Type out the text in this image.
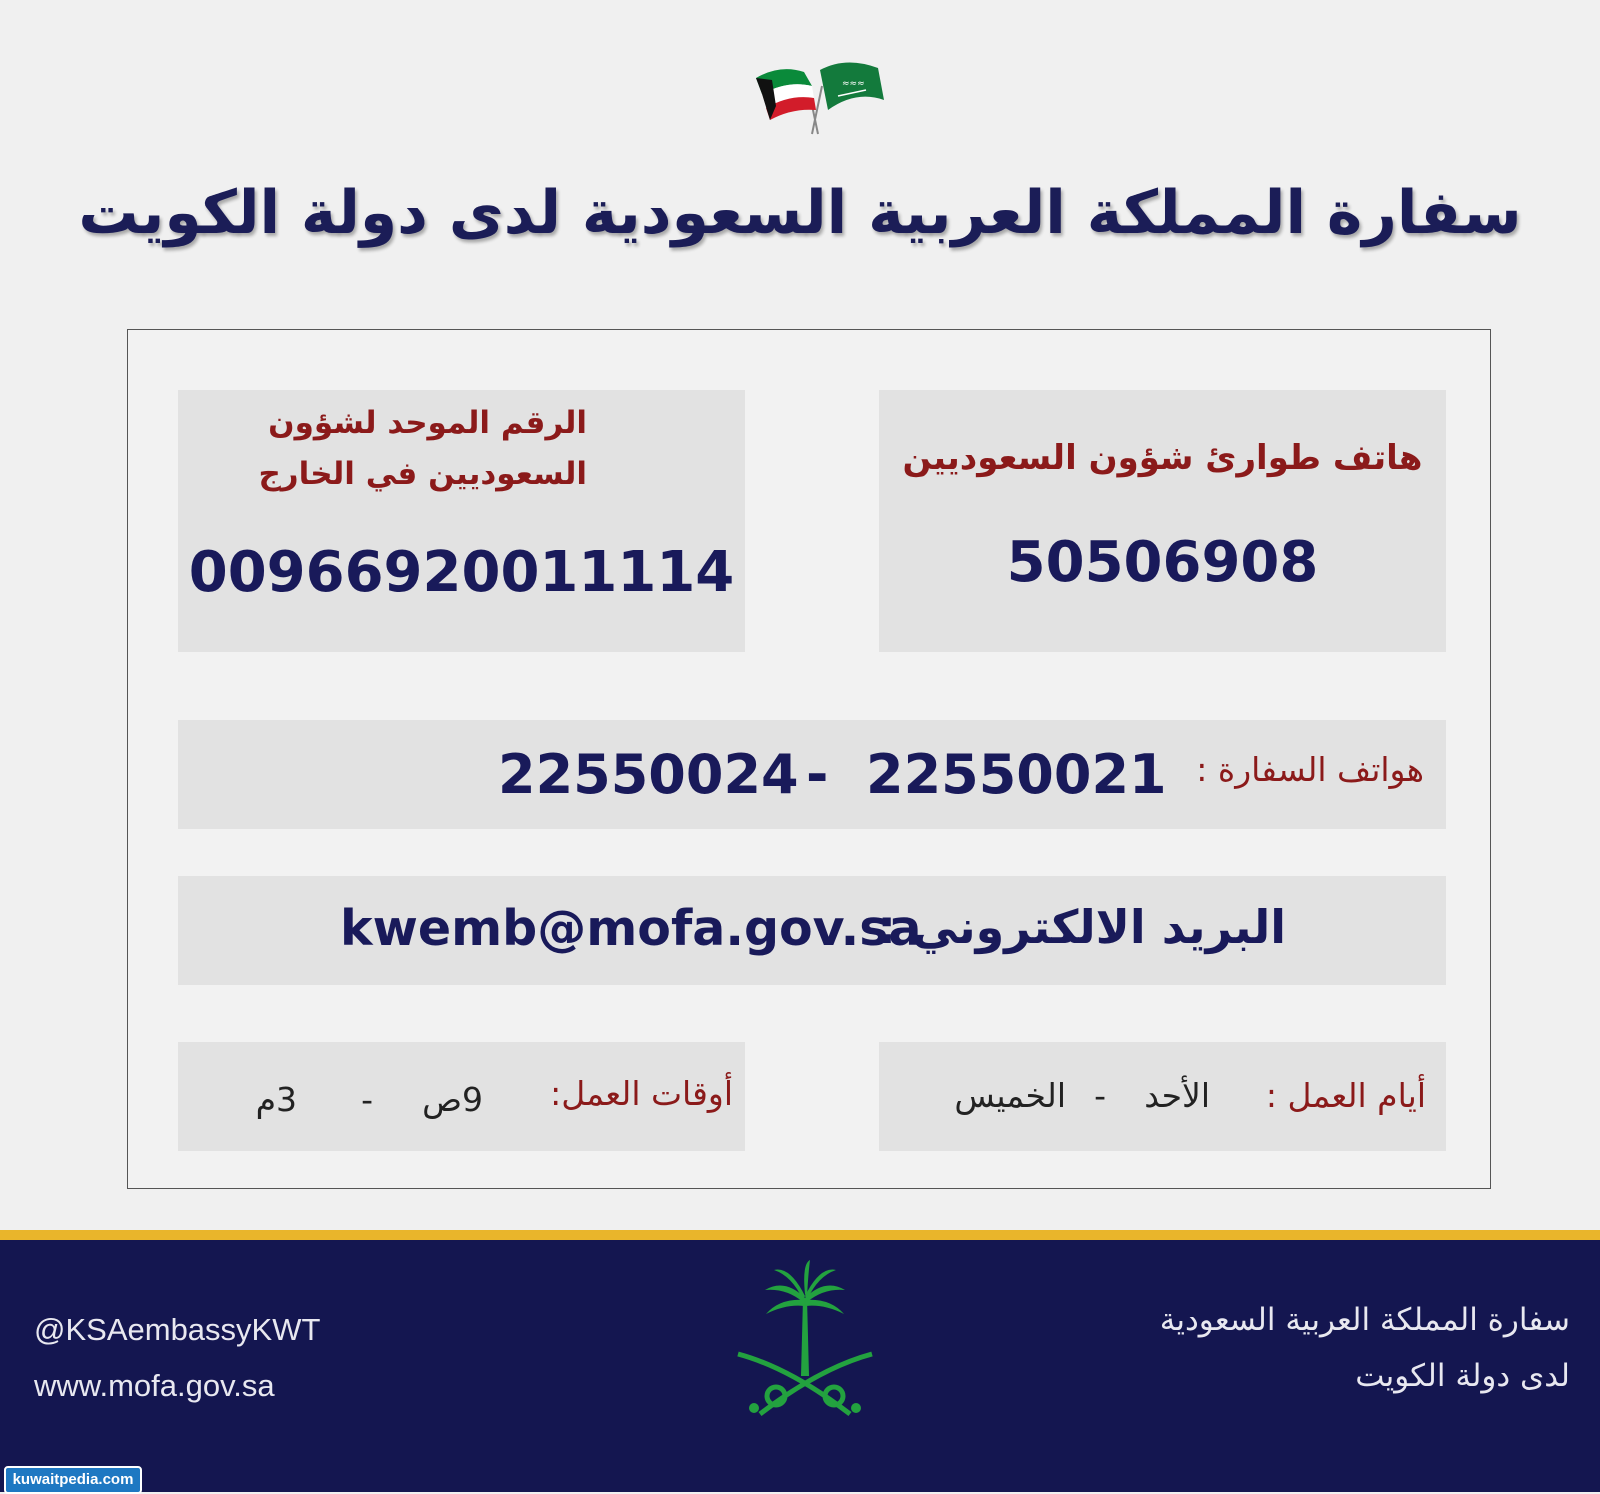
≈≈≈
سفارة المملكة العربية السعودية لدى دولة الكويت
هاتف طوارئ شؤون السعوديين
50506908
الرقم الموحد لشؤون
السعوديين في الخارج
00966920011114
هواتف السفارة :
22550021
-
22550024
البريد الالكتروني :
kwemb@mofa.gov.sa
أيام العمل :
الأحد
-
الخميس
أوقات العمل:
9ص
-
3م
@KSAembassyKWT
www.mofa.gov.sa
سفارة المملكة العربية السعودية
لدى دولة الكويت
kuwaitpedia.com
